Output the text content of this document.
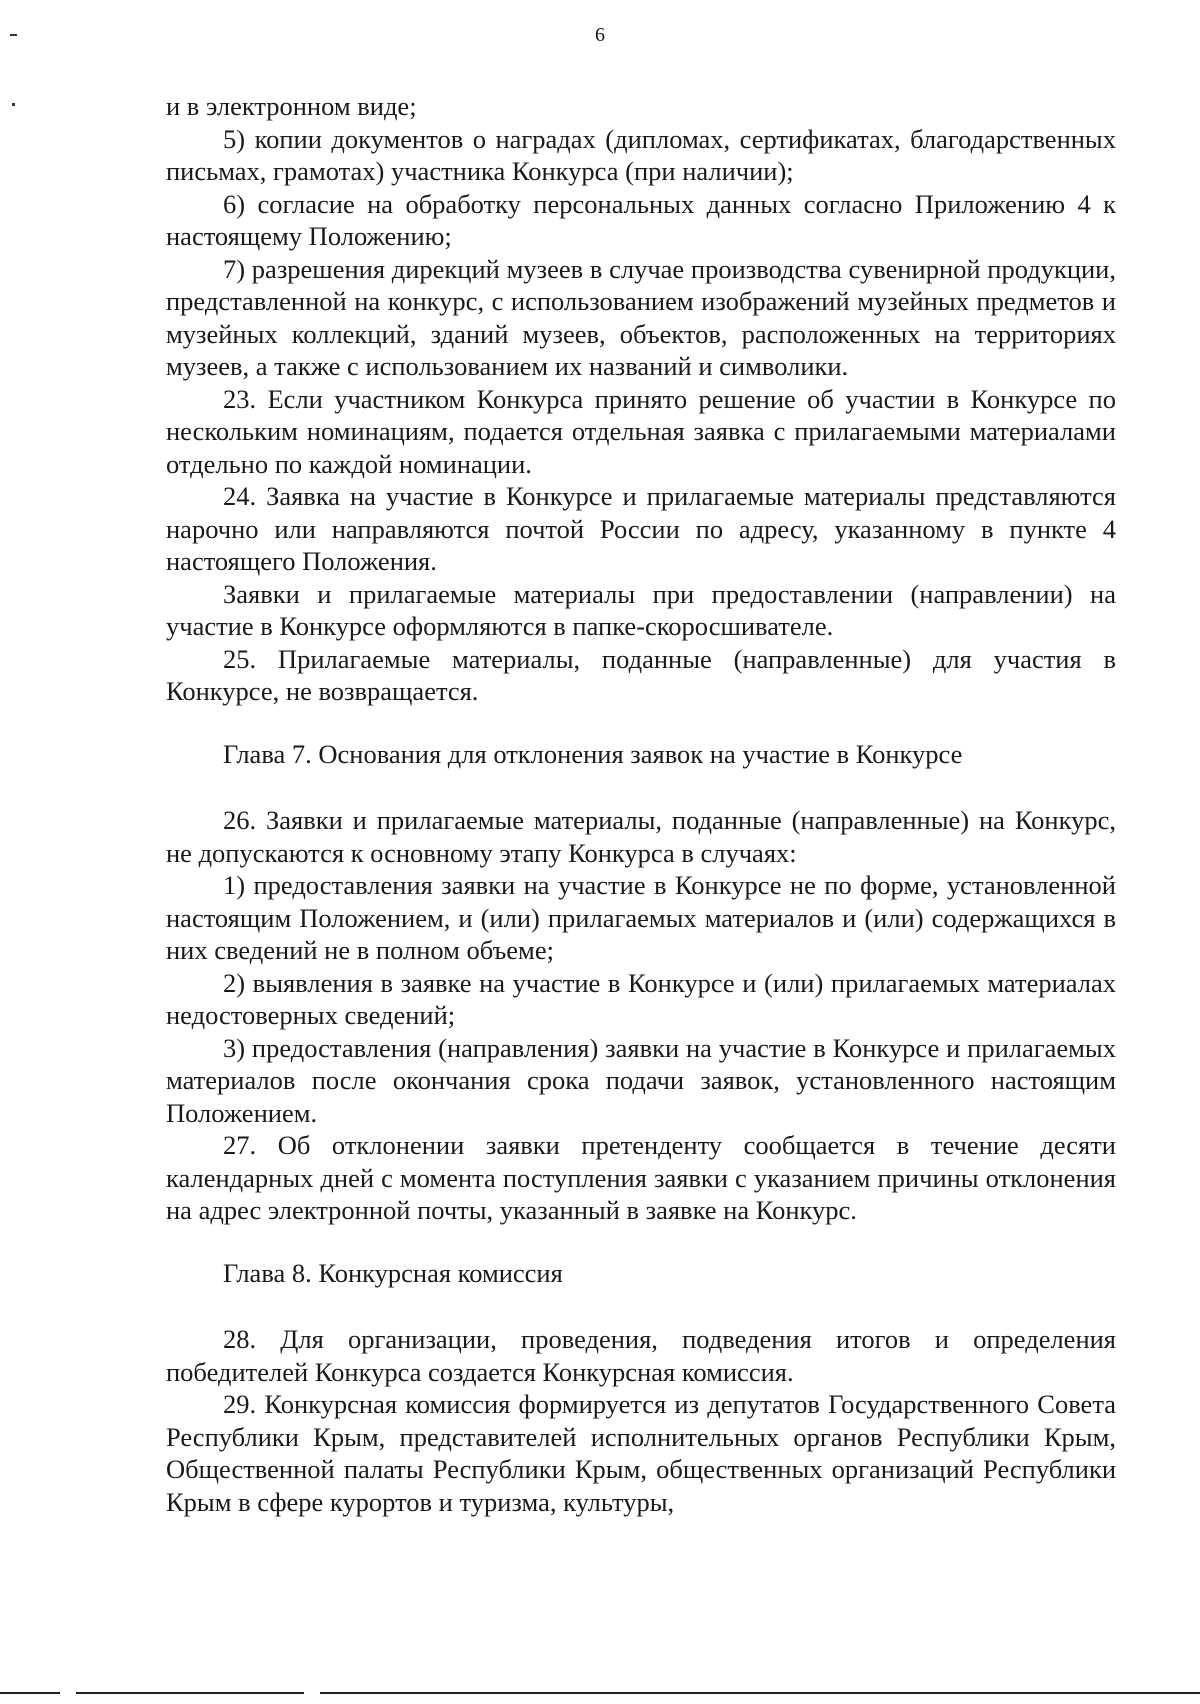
6

и в электронном виде;

5) копии документов о наградах (дипломах, сертификатах, благодарственных письмах, грамотах) участника Конкурса (при наличии);

6) согласие на обработку персональных данных согласно Приложению 4 к настоящему Положению;

7) разрешения дирекций музеев в случае производства сувенирной продукции, представленной на конкурс, с использованием изображений музейных предметов и музейных коллекций, зданий музеев, объектов, расположенных на территориях музеев, а также с использованием их названий и символики.

23. Если участником Конкурса принято решение об участии в Конкурсе по нескольким номинациям, подается отдельная заявка с прилагаемыми материалами отдельно по каждой номинации.

24. Заявка на участие в Конкурсе и прилагаемые материалы представляются нарочно или направляются почтой России по адресу, указанному в пункте 4 настоящего Положения.

Заявки и прилагаемые материалы при предоставлении (направлении) на участие в Конкурсе оформляются в папке-скоросшивателе.

25. Прилагаемые материалы, поданные (направленные) для участия в Конкурсе, не возвращается.

Глава 7. Основания для отклонения заявок на участие в Конкурсе

26. Заявки и прилагаемые материалы, поданные (направленные) на Конкурс, не допускаются к основному этапу Конкурса в случаях:

1) предоставления заявки на участие в Конкурсе не по форме, установленной настоящим Положением, и (или) прилагаемых материалов и (или) содержащихся в них сведений не в полном объеме;

2) выявления в заявке на участие в Конкурсе и (или) прилагаемых материалах недостоверных сведений;

3) предоставления (направления) заявки на участие в Конкурсе и прилагаемых материалов после окончания срока подачи заявок, установленного настоящим Положением.

27. Об отклонении заявки претенденту сообщается в течение десяти календарных дней с момента поступления заявки с указанием причины отклонения на адрес электронной почты, указанный в заявке на Конкурс.

Глава 8. Конкурсная комиссия

28. Для организации, проведения, подведения итогов и определения победителей Конкурса создается Конкурсная комиссия.

29. Конкурсная комиссия формируется из депутатов Государственного Совета Республики Крым, представителей исполнительных органов Республики Крым, Общественной палаты Республики Крым, общественных организаций Республики Крым в сфере курортов и туризма, культуры,
